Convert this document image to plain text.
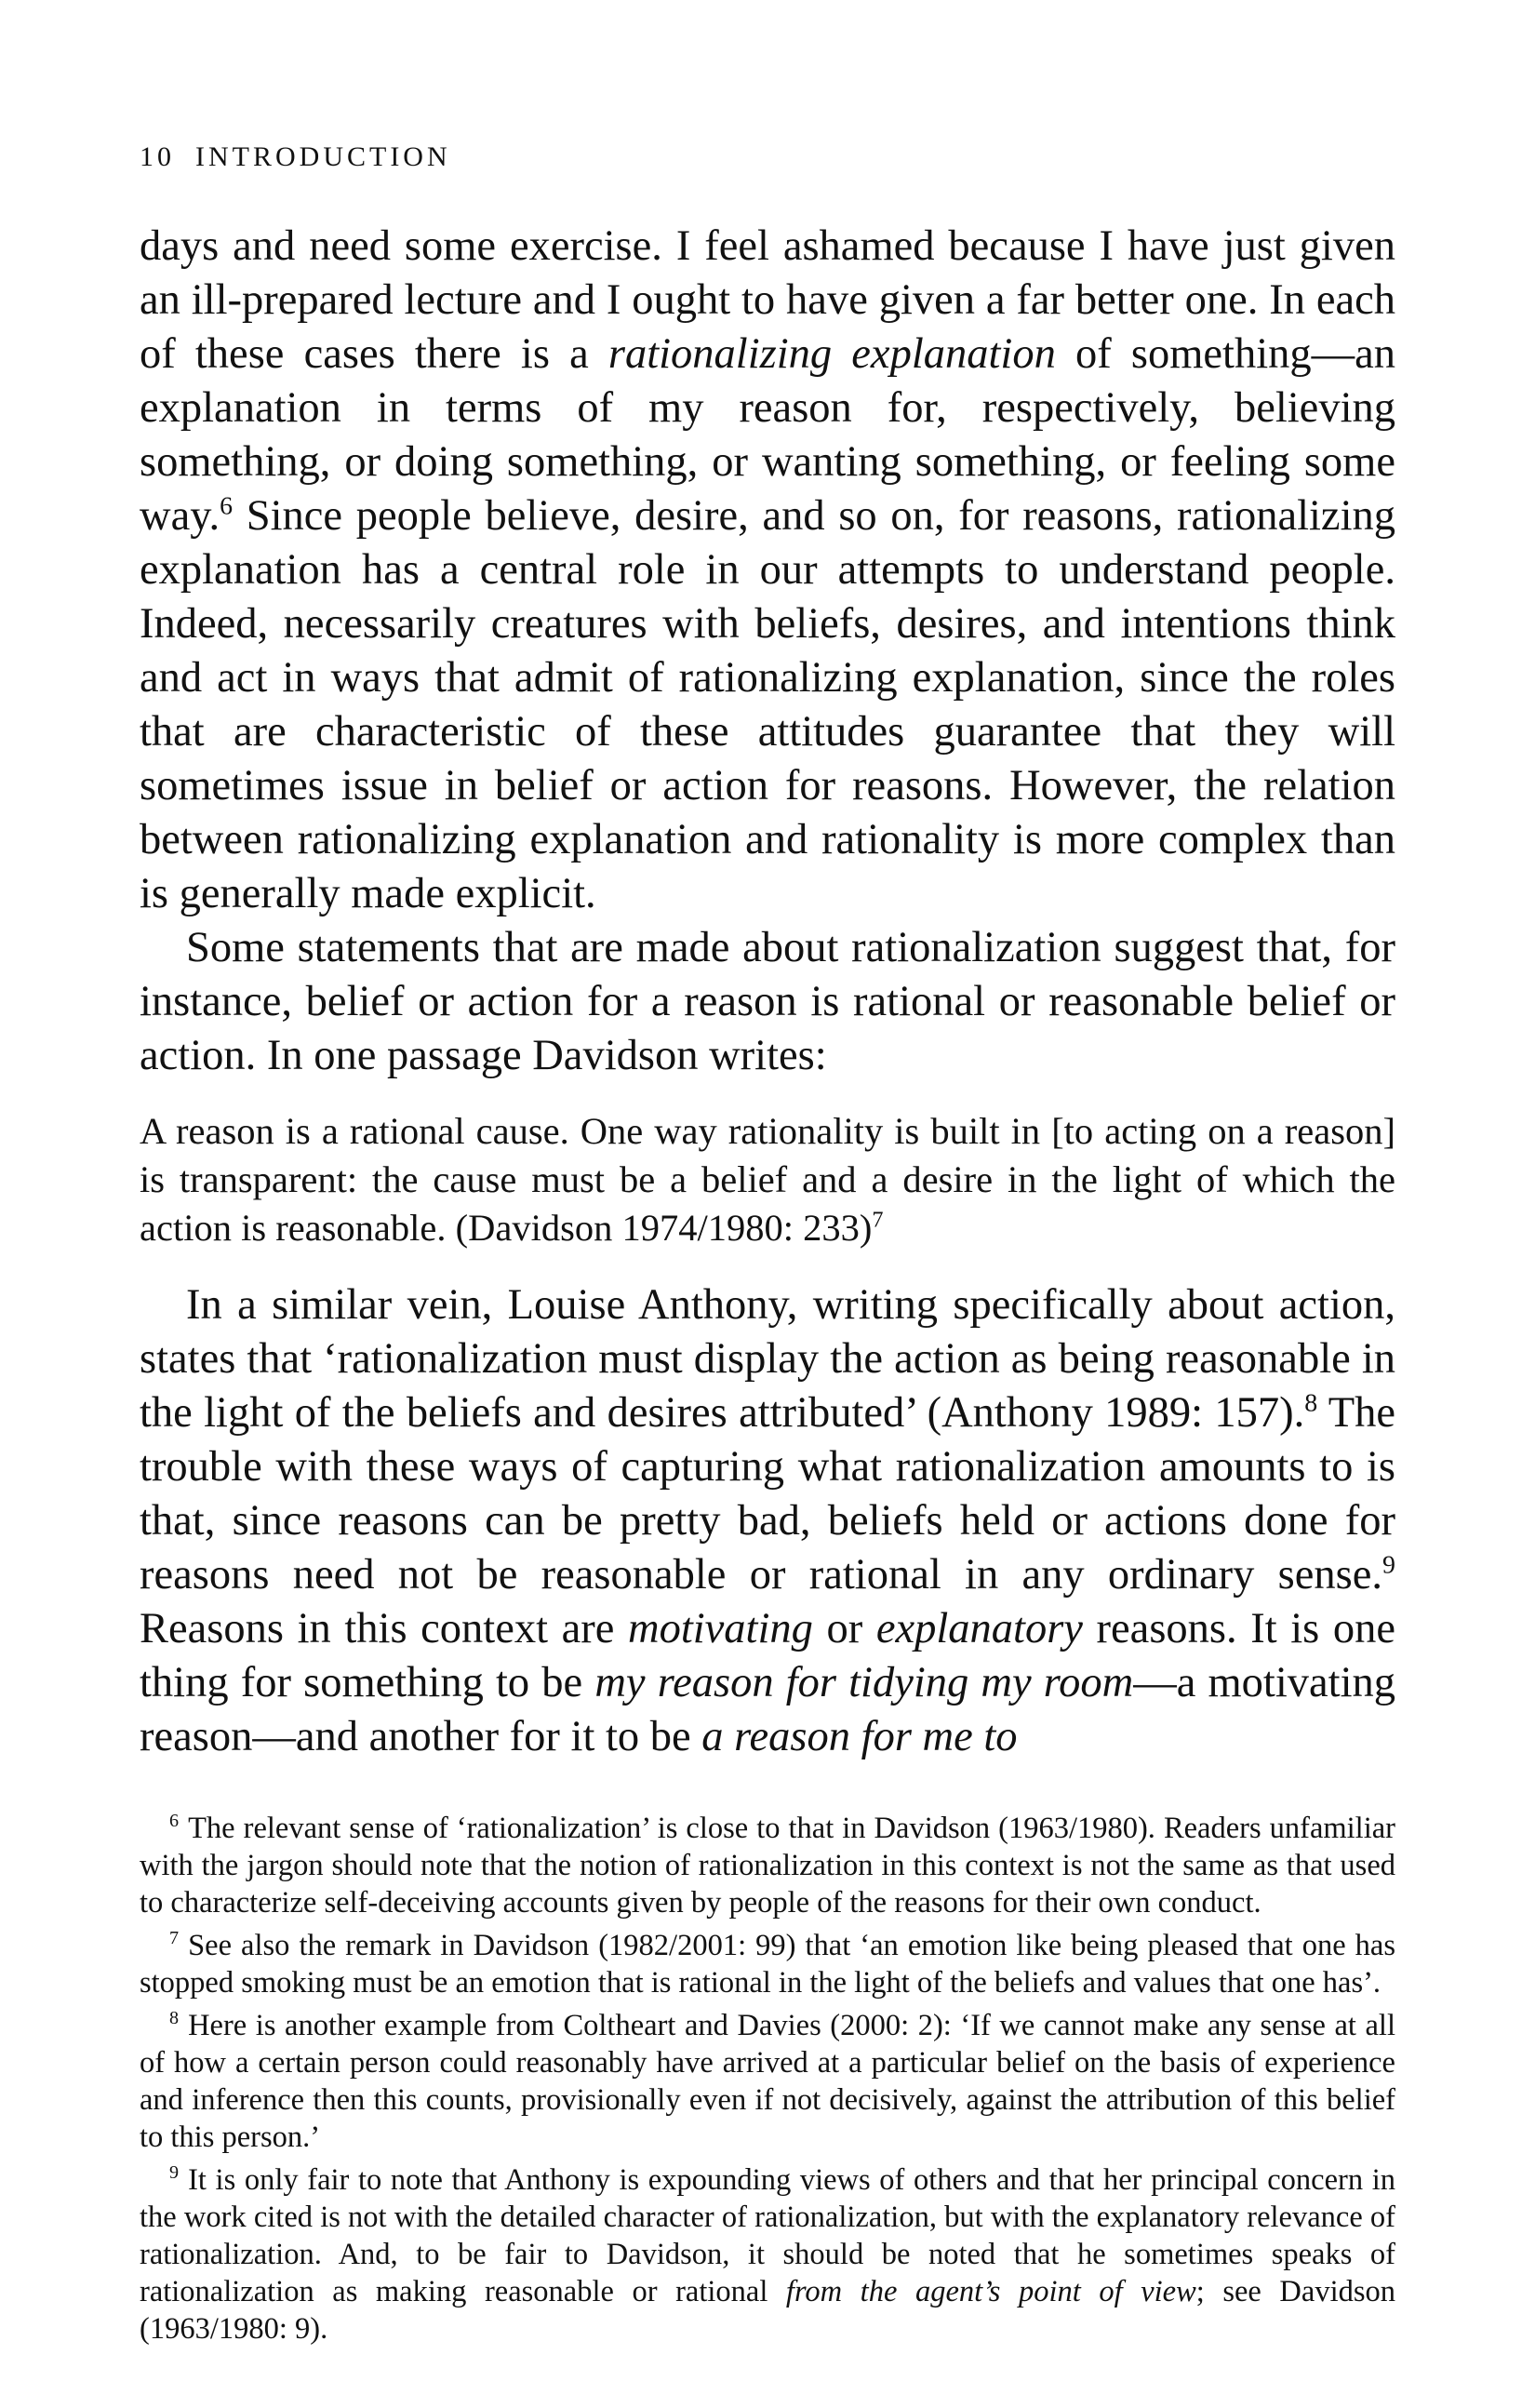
10 INTRODUCTION

days and need some exercise. I feel ashamed because I have just given an ill-prepared lecture and I ought to have given a far better one. In each of these cases there is a rationalizing explanation of something—an explanation in terms of my reason for, respectively, believing something, or doing something, or wanting something, or feeling some way.$^6$ Since people believe, desire, and so on, for reasons, rationalizing explanation has a central role in our attempts to understand people. Indeed, necessarily creatures with beliefs, desires, and intentions think and act in ways that admit of rationalizing explanation, since the roles that are characteristic of these attitudes guarantee that they will sometimes issue in belief or action for reasons. However, the relation between rationalizing explanation and rationality is more complex than is generally made explicit.

Some statements that are made about rationalization suggest that, for instance, belief or action for a reason is rational or reasonable belief or action. In one passage Davidson writes:

A reason is a rational cause. One way rationality is built in [to acting on a reason] is transparent: the cause must be a belief and a desire in the light of which the action is reasonable. (Davidson 1974/1980: 233)$^7$

In a similar vein, Louise Anthony, writing specifically about action, states that ‘rationalization must display the action as being reasonable in the light of the beliefs and desires attributed’ (Anthony 1989: 157).$^8$ The trouble with these ways of capturing what rationalization amounts to is that, since reasons can be pretty bad, beliefs held or actions done for reasons need not be reasonable or rational in any ordinary sense.$^9$ Reasons in this context are motivating or explanatory reasons. It is one thing for something to be my reason for tidying my room—a motivating reason—and another for it to be a reason for me to

$^6$ The relevant sense of ‘rationalization’ is close to that in Davidson (1963/1980). Readers unfamiliar with the jargon should note that the notion of rationalization in this context is not the same as that used to characterize self-deceiving accounts given by people of the reasons for their own conduct.

$^7$ See also the remark in Davidson (1982/2001: 99) that ‘an emotion like being pleased that one has stopped smoking must be an emotion that is rational in the light of the beliefs and values that one has’.

$^8$ Here is another example from Coltheart and Davies (2000: 2): ‘If we cannot make any sense at all of how a certain person could reasonably have arrived at a particular belief on the basis of experience and inference then this counts, provisionally even if not decisively, against the attribution of this belief to this person.’

$^9$ It is only fair to note that Anthony is expounding views of others and that her principal concern in the work cited is not with the detailed character of rationalization, but with the explanatory relevance of rationalization. And, to be fair to Davidson, it should be noted that he sometimes speaks of rationalization as making reasonable or rational from the agent’s point of view; see Davidson (1963/1980: 9).
